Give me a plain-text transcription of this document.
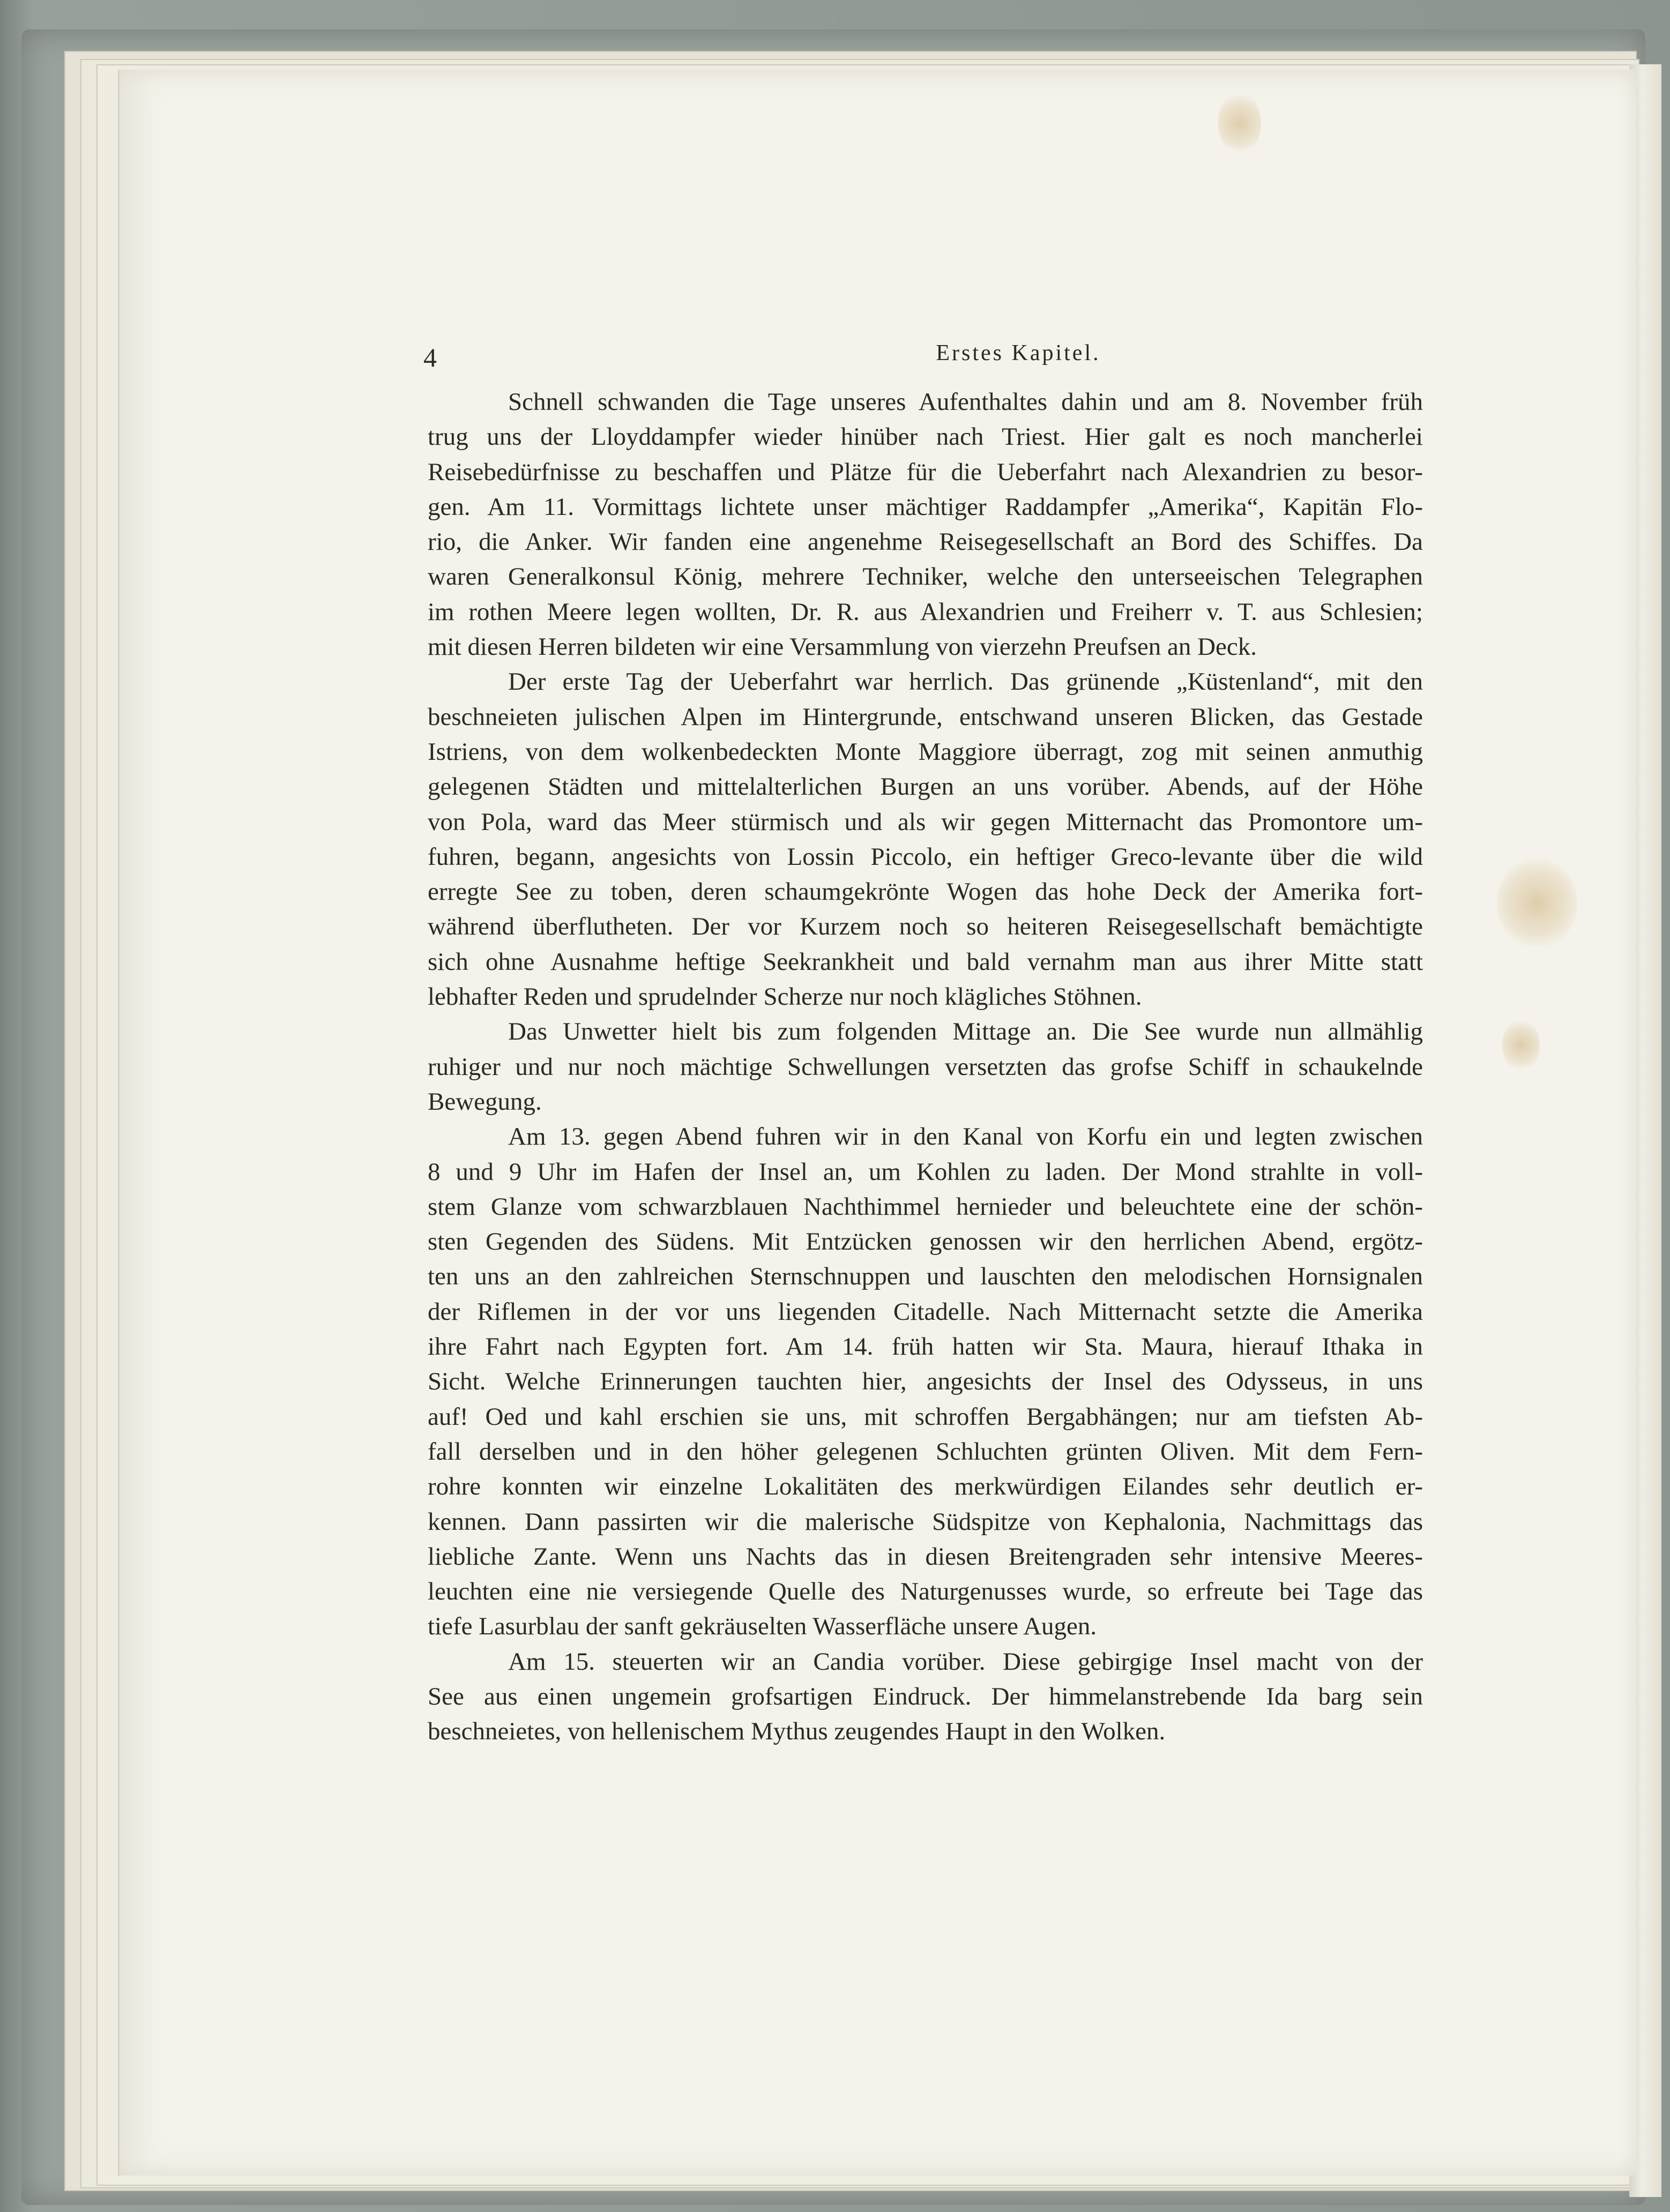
4	Erstes Kapitel.
Schnell schwanden die Tage unseres Aufenthaltes dahin und am 8. November früh
trug uns der Lloyddampfer wieder hinüber nach Triest. Hier galt es noch mancherlei
Reisebedürfnisse zu beschaffen und Plätze für die Ueberfahrt nach Alexandrien zu besor-
gen. Am 11. Vormittags lichtete unser mächtiger Raddampfer „Amerika“, Kapitän Flo-
rio, die Anker. Wir fanden eine angenehme Reisegesellschaft an Bord des Schiffes. Da
waren Generalkonsul König, mehrere Techniker, welche den unterseeischen Telegraphen
im rothen Meere legen wollten, Dr. R. aus Alexandrien und Freiherr v. T. aus Schlesien;
mit diesen Herren bildeten wir eine Versammlung von vierzehn Preufsen an Deck.
Der erste Tag der Ueberfahrt war herrlich. Das grünende „Küstenland“, mit den
beschneieten julischen Alpen im Hintergrunde, entschwand unseren Blicken, das Gestade
Istriens, von dem wolkenbedeckten Monte Maggiore überragt, zog mit seinen anmuthig
gelegenen Städten und mittelalterlichen Burgen an uns vorüber. Abends, auf der Höhe
von Pola, ward das Meer stürmisch und als wir gegen Mitternacht das Promontore um-
fuhren, begann, angesichts von Lossin Piccolo, ein heftiger Greco-levante über die wild
erregte See zu toben, deren schaumgekrönte Wogen das hohe Deck der Amerika fort-
während überflutheten. Der vor Kurzem noch so heiteren Reisegesellschaft bemächtigte
sich ohne Ausnahme heftige Seekrankheit und bald vernahm man aus ihrer Mitte statt
lebhafter Reden und sprudelnder Scherze nur noch klägliches Stöhnen.
Das Unwetter hielt bis zum folgenden Mittage an. Die See wurde nun allmählig
ruhiger und nur noch mächtige Schwellungen versetzten das grofse Schiff in schaukelnde
Bewegung.
Am 13. gegen Abend fuhren wir in den Kanal von Korfu ein und legten zwischen
8 und 9 Uhr im Hafen der Insel an, um Kohlen zu laden. Der Mond strahlte in voll-
stem Glanze vom schwarzblauen Nachthimmel hernieder und beleuchtete eine der schön-
sten Gegenden des Südens. Mit Entzücken genossen wir den herrlichen Abend, ergötz-
ten uns an den zahlreichen Sternschnuppen und lauschten den melodischen Hornsignalen
der Riflemen in der vor uns liegenden Citadelle. Nach Mitternacht setzte die Amerika
ihre Fahrt nach Egypten fort. Am 14. früh hatten wir Sta. Maura, hierauf Ithaka in
Sicht. Welche Erinnerungen tauchten hier, angesichts der Insel des Odysseus, in uns
auf! Oed und kahl erschien sie uns, mit schroffen Bergabhängen; nur am tiefsten Ab-
fall derselben und in den höher gelegenen Schluchten grünten Oliven. Mit dem Fern-
rohre konnten wir einzelne Lokalitäten des merkwürdigen Eilandes sehr deutlich er-
kennen. Dann passirten wir die malerische Südspitze von Kephalonia, Nachmittags das
liebliche Zante. Wenn uns Nachts das in diesen Breitengraden sehr intensive Meeres-
leuchten eine nie versiegende Quelle des Naturgenusses wurde, so erfreute bei Tage das
tiefe Lasurblau der sanft gekräuselten Wasserfläche unsere Augen.
Am 15. steuerten wir an Candia vorüber. Diese gebirgige Insel macht von der
See aus einen ungemein grofsartigen Eindruck. Der himmelanstrebende Ida barg sein
beschneietes, von hellenischem Mythus zeugendes Haupt in den Wolken.
